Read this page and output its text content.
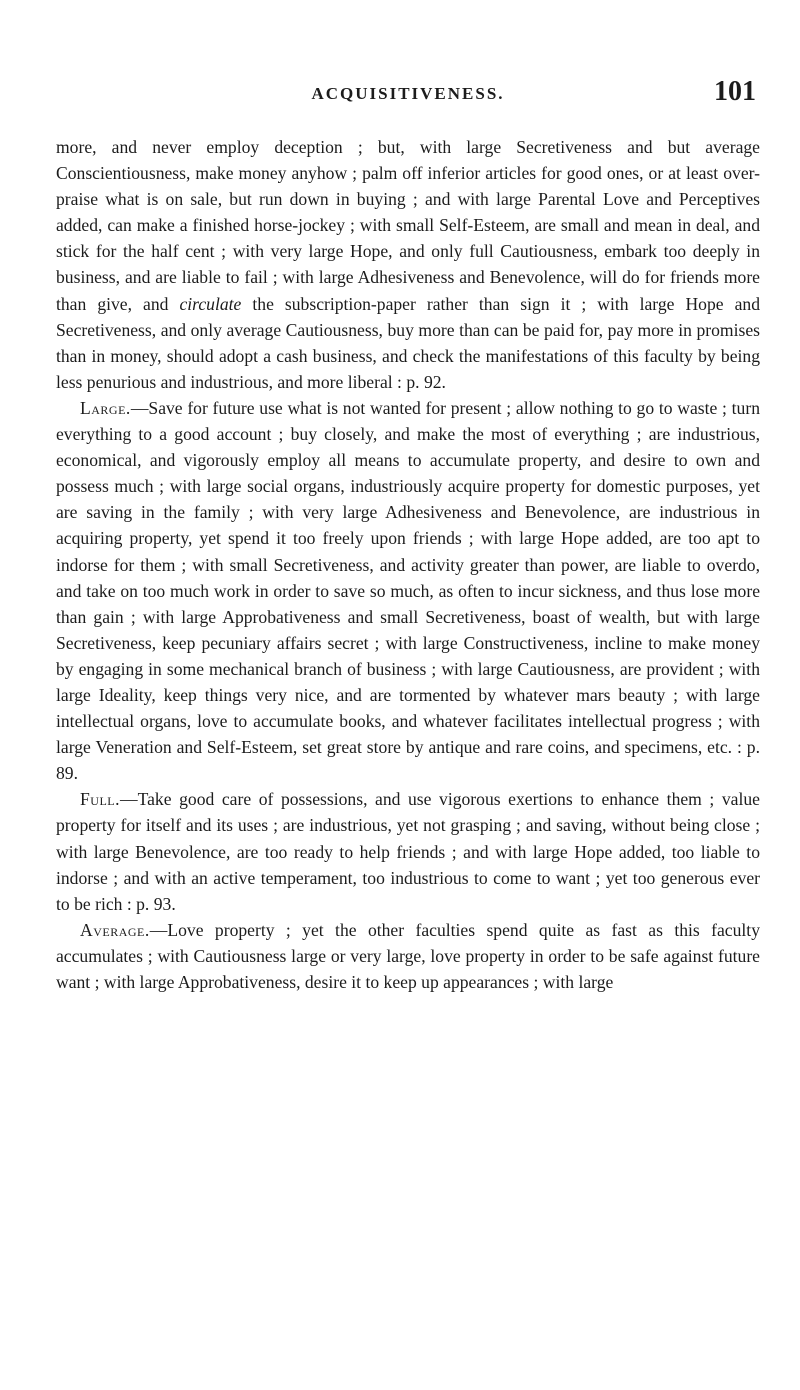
ACQUISITIVENESS.	101

more, and never employ deception ; but, with large Secretiveness and but average Conscientiousness, make money anyhow ; palm off inferior articles for good ones, or at least over-praise what is on sale, but run down in buying ; and with large Parental Love and Perceptives added, can make a finished horse-jockey ; with small Self-Esteem, are small and mean in deal, and stick for the half cent ; with very large Hope, and only full Cautiousness, embark too deeply in business, and are liable to fail ; with large Adhesiveness and Benevolence, will do for friends more than give, and circulate the subscription-paper rather than sign it ; with large Hope and Secretiveness, and only average Cautiousness, buy more than can be paid for, pay more in promises than in money, should adopt a cash business, and check the manifestations of this faculty by being less penurious and industrious, and more liberal : p. 92.

Large.—Save for future use what is not wanted for present ; allow nothing to go to waste ; turn everything to a good account ; buy closely, and make the most of everything ; are industrious, economical, and vigorously employ all means to accumulate property, and desire to own and possess much ; with large social organs, industriously acquire property for domestic purposes, yet are saving in the family ; with very large Adhesiveness and Benevolence, are industrious in acquiring property, yet spend it too freely upon friends ; with large Hope added, are too apt to indorse for them ; with small Secretiveness, and activity greater than power, are liable to overdo, and take on too much work in order to save so much, as often to incur sickness, and thus lose more than gain ; with large Approbativeness and small Secretiveness, boast of wealth, but with large Secretiveness, keep pecuniary affairs secret ; with large Constructiveness, incline to make money by engaging in some mechanical branch of business ; with large Cautiousness, are provident ; with large Ideality, keep things very nice, and are tormented by whatever mars beauty ; with large intellectual organs, love to accumulate books, and whatever facilitates intellectual progress ; with large Veneration and Self-Esteem, set great store by antique and rare coins, and specimens, etc. : p. 89.

Full.—Take good care of possessions, and use vigorous exertions to enhance them ; value property for itself and its uses ; are industrious, yet not grasping ; and saving, without being close ; with large Benevolence, are too ready to help friends ; and with large Hope added, too liable to indorse ; and with an active temperament, too industrious to come to want ; yet too generous ever to be rich : p. 93.

Average.—Love property ; yet the other faculties spend quite as fast as this faculty accumulates ; with Cautiousness large or very large, love property in order to be safe against future want ; with large Approbativeness, desire it to keep up appearances ; with large
